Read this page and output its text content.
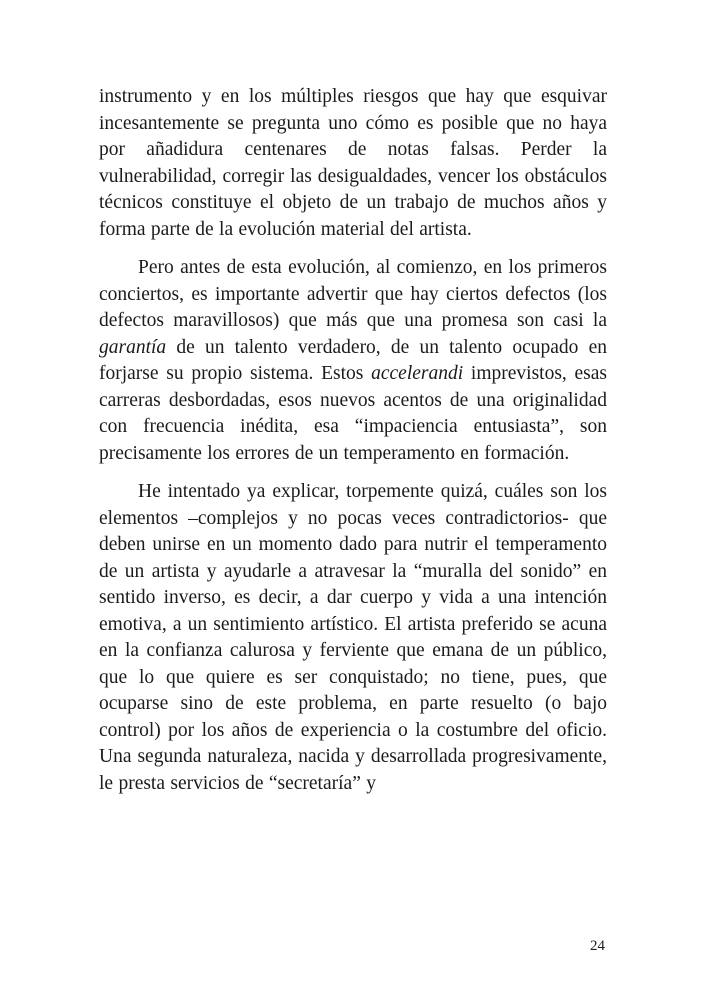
instrumento y en los múltiples riesgos que hay que esquivar incesantemente se pregunta uno cómo es posible que no haya por añadidura centenares de notas falsas. Perder la vulnerabilidad, corregir las desigualdades, vencer los obstáculos técnicos constituye el objeto de un trabajo de muchos años y forma parte de la evolución material del artista.

Pero antes de esta evolución, al comienzo, en los primeros conciertos, es importante advertir que hay ciertos defectos (los defectos maravillosos) que más que una promesa son casi la garantía de un talento verdadero, de un talento ocupado en forjarse su propio sistema. Estos accelerandi imprevistos, esas carreras desbordadas, esos nuevos acentos de una originalidad con frecuencia inédita, esa “impaciencia entusiasta”, son precisamente los errores de un temperamento en formación.

He intentado ya explicar, torpemente quizá, cuáles son los elementos –complejos y no pocas veces contradictorios- que deben unirse en un momento dado para nutrir el temperamento de un artista y ayudarle a atravesar la “muralla del sonido” en sentido inverso, es decir, a dar cuerpo y vida a una intención emotiva, a un sentimiento artístico. El artista preferido se acuna en la confianza calurosa y ferviente que emana de un público, que lo que quiere es ser conquistado; no tiene, pues, que ocuparse sino de este problema, en parte resuelto (o bajo control) por los años de experiencia o la costumbre del oficio. Una segunda naturaleza, nacida y desarrollada progresivamente, le presta servicios de “secretaría” y

24
